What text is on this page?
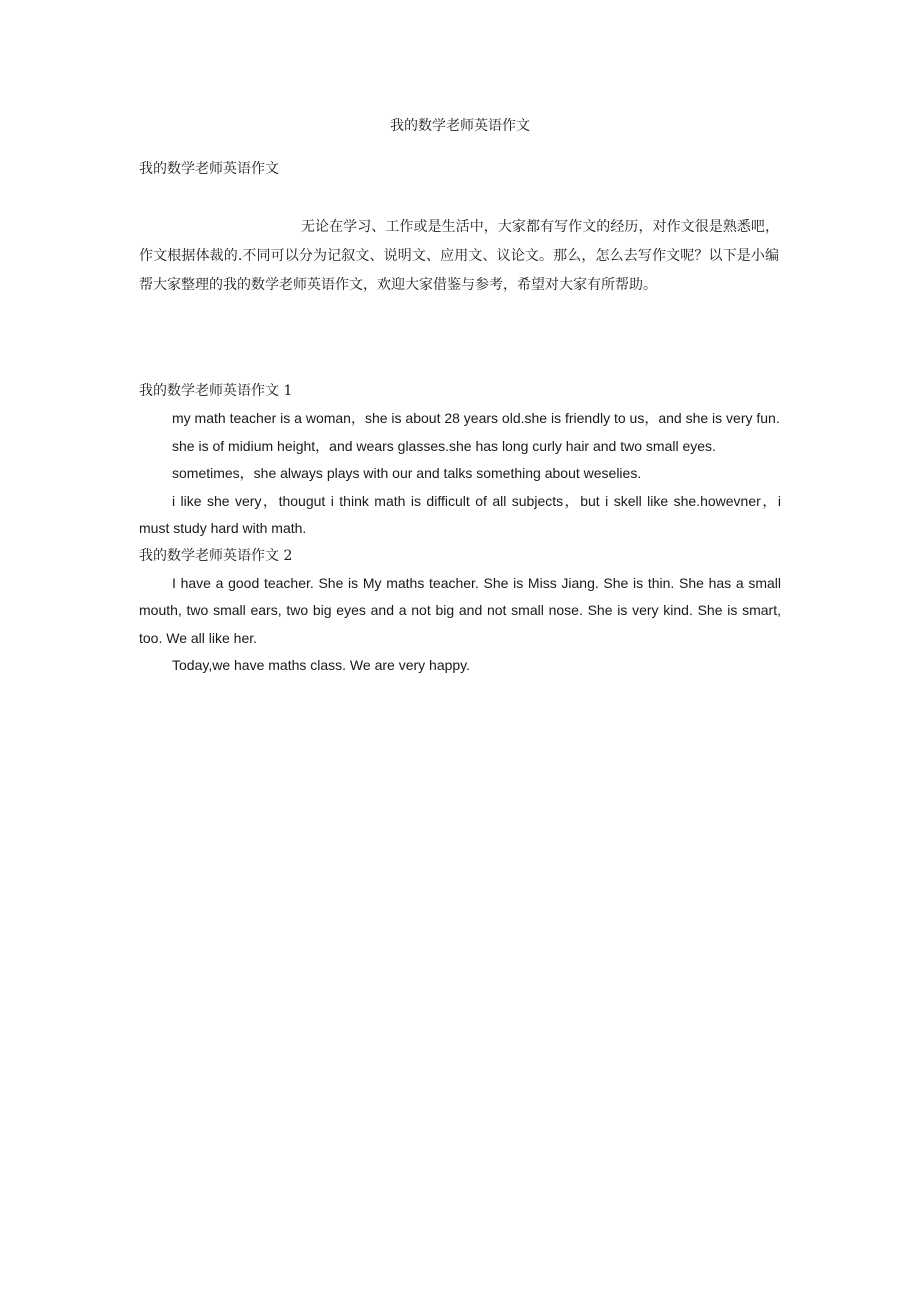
我的数学老师英语作文
我的数学老师英语作文

无论在学习、工作或是生活中，大家都有写作文的经历，对作文很是熟悉吧，作文根据体裁的.不同可以分为记叙文、说明文、应用文、议论文。那么，怎么去写作文呢？以下是小编帮大家整理的我的数学老师英语作文，欢迎大家借鉴与参考，希望对大家有所帮助。

我的数学老师英语作文 1

my math teacher is a woman，she is about 28 years old.she is friendly to us，and she is very fun.

she is of midium height，and wears glasses.she has long curly hair and two small eyes.

sometimes，she always plays with our and talks something about weselies.

i like she very，thougut i think math is difficult of all subjects，but i skell like she.howevner，i must study hard with math.

我的数学老师英语作文 2

I have a good teacher. She is My maths teacher. She is Miss Jiang. She is thin. She has a small mouth, two small ears, two big eyes and a not big and not small nose. She is very kind. She is smart, too. We all like her.

Today,we have maths class. We are very happy.
